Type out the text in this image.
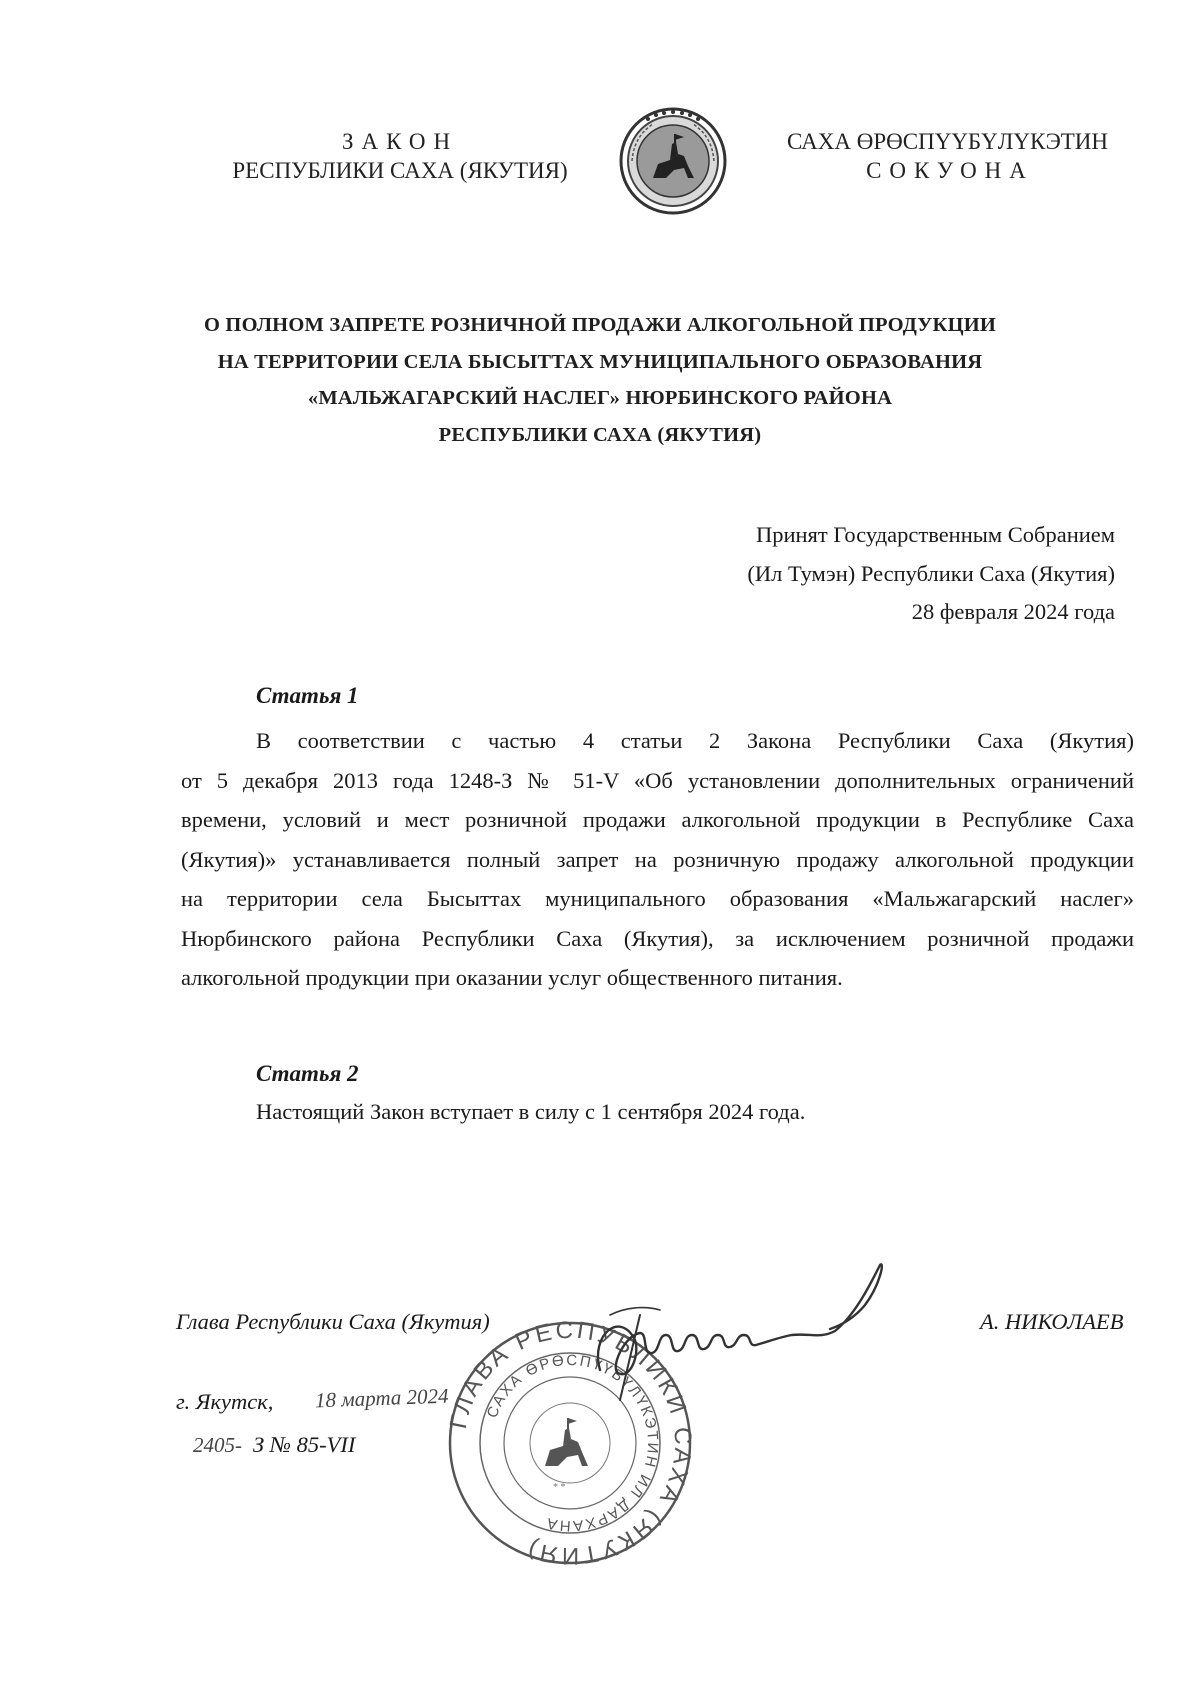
ЗАКОН
РЕСПУБЛИКИ САХА (ЯКУТИЯ)
САХА ӨРӨСПҮҮБҮЛҮКЭТИН
СОКУОНА
О ПОЛНОМ ЗАПРЕТЕ РОЗНИЧНОЙ ПРОДАЖИ АЛКОГОЛЬНОЙ ПРОДУКЦИИ
НА ТЕРРИТОРИИ СЕЛА БЫСЫТТАХ МУНИЦИПАЛЬНОГО ОБРАЗОВАНИЯ
«МАЛЬЖАГАРСКИЙ НАСЛЕГ» НЮРБИНСКОГО РАЙОНА
РЕСПУБЛИКИ САХА (ЯКУТИЯ)
Принят Государственным Собранием
(Ил Тумэн) Республики Саха (Якутия)
28 февраля 2024 года
Статья 1
В соответствии с частью 4 статьи 2 Закона Республики Саха (Якутия)
от 5 декабря 2013 года 1248-З № 51-V «Об установлении дополнительных ограничений
времени, условий и мест розничной продажи алкогольной продукции в Республике Саха
(Якутия)» устанавливается полный запрет на розничную продажу алкогольной продукции
на территории села Бысыттах муниципального образования «Мальжагарский наслег»
Нюрбинского района Республики Саха (Якутия), за исключением розничной продажи
алкогольной продукции при оказании услуг общественного питания.
Статья 2
Настоящий Закон вступает в силу с 1 сентября 2024 года.
Глава Республики Саха (Якутия)	А. НИКОЛАЕВ
г. Якутск, 18 марта 2024
2405- З № 85-VII
ГЛАВА РЕСПУБЛИКИ САХА (ЯКУТИЯ)
САХА ӨРӨСПҮҮБҮЛҮКЭТИН ИЛ ДАРХАНА
* *
